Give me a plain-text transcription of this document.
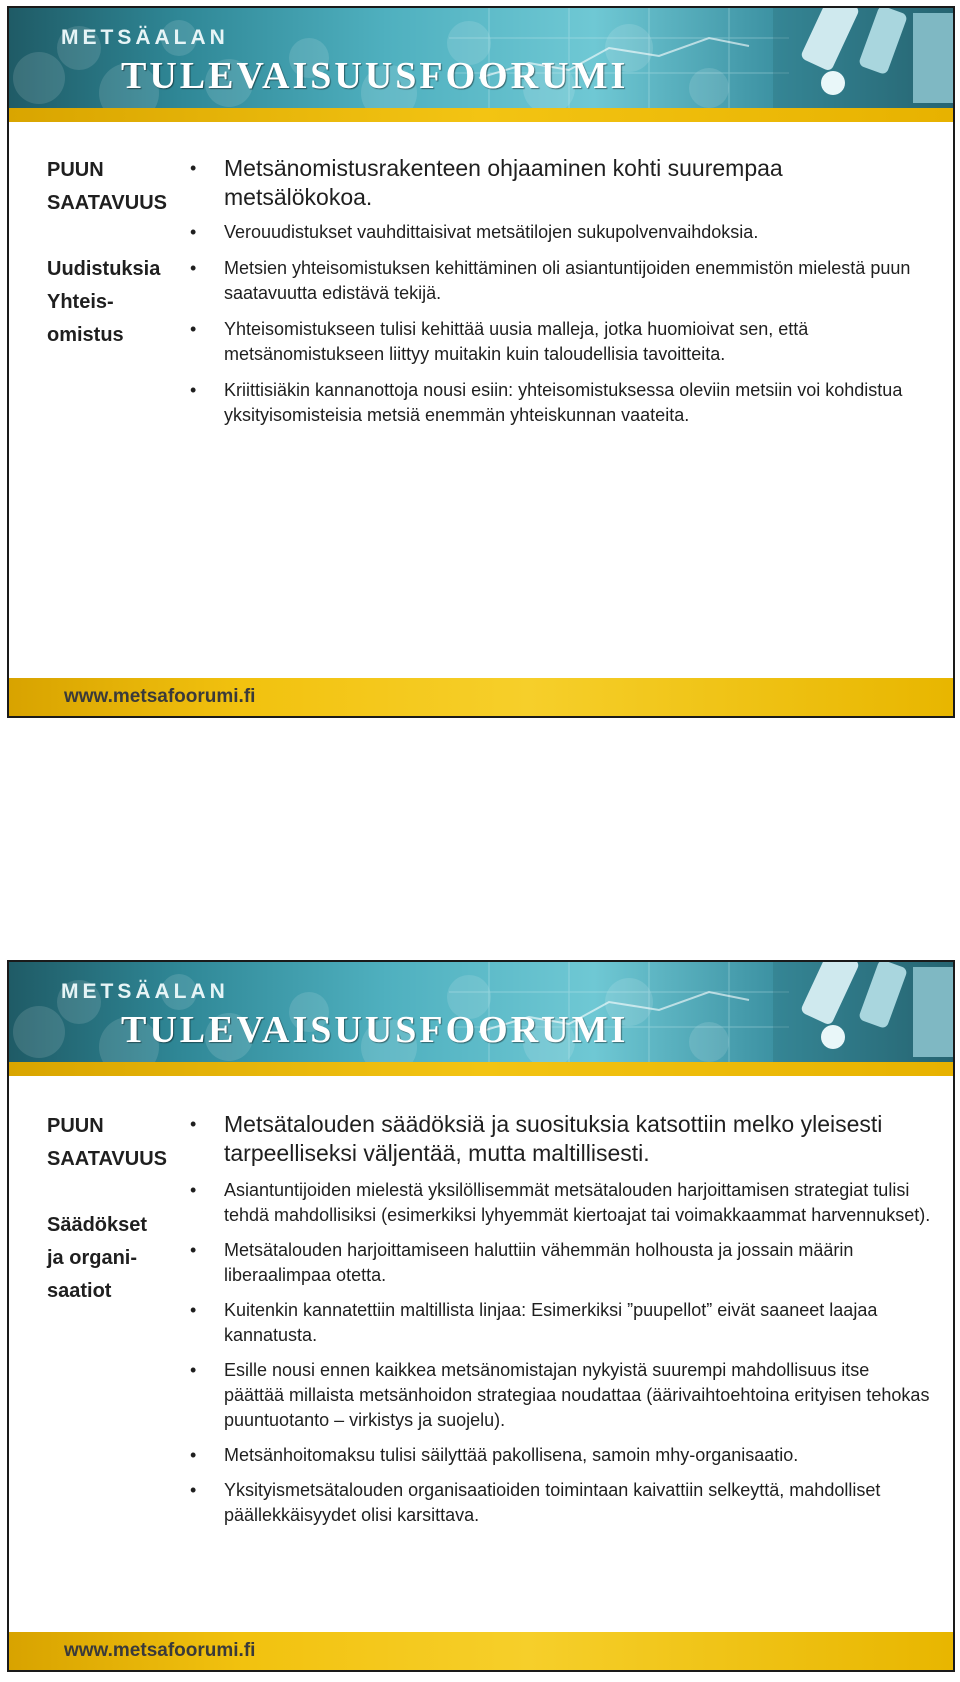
METSÄALAN
TULEVAISUUSFOORUMI
PUUN
SAATAVUUS
Uudistuksia
Yhteis-
omistus
• Metsänomistusrakenteen ohjaaminen kohti suurempaa metsälökokoa.
• Verouudistukset vauhdittaisivat metsätilojen sukupolvenvaihdoksia.
• Metsien yhteisomistuksen kehittäminen oli asiantuntijoiden enemmistön mielestä puun saatavuutta edistävä tekijä.
• Yhteisomistukseen tulisi kehittää uusia malleja, jotka huomioivat sen, että metsänomistukseen liittyy muitakin kuin taloudellisia tavoitteita.
• Kriittisiäkin kannanottoja nousi esiin: yhteisomistuksessa oleviin metsiin voi kohdistua yksityisomisteisia metsiä enemmän yhteiskunnan vaateita.
www.metsafoorumi.fi
METSÄALAN
TULEVAISUUSFOORUMI
PUUN
SAATAVUUS
Säädökset
ja organi-
saatiot
• Metsätalouden säädöksiä ja suosituksia katsottiin melko yleisesti tarpeelliseksi väljentää, mutta maltillisesti.
• Asiantuntijoiden mielestä yksilöllisemmät metsätalouden harjoittamisen strategiat tulisi tehdä mahdollisiksi (esimerkiksi lyhyemmät kiertoajat tai voimakkaammat harvennukset).
• Metsätalouden harjoittamiseen haluttiin vähemmän holhousta ja jossain määrin liberaalimpaa otetta.
• Kuitenkin kannatettiin maltillista linjaa: Esimerkiksi ”puupellot” eivät saaneet laajaa kannatusta.
• Esille nousi ennen kaikkea metsänomistajan nykyistä suurempi mahdollisuus itse päättää millaista metsänhoidon strategiaa noudattaa (äärivaihtoehtoina erityisen tehokas puuntuotanto – virkistys ja suojelu).
• Metsänhoitomaksu tulisi säilyttää pakollisena, samoin mhy-organisaatio.
• Yksityismetsätalouden organisaatioiden toimintaan kaivattiin selkeyttä, mahdolliset päällekkäisyydet olisi karsittava.
www.metsafoorumi.fi
